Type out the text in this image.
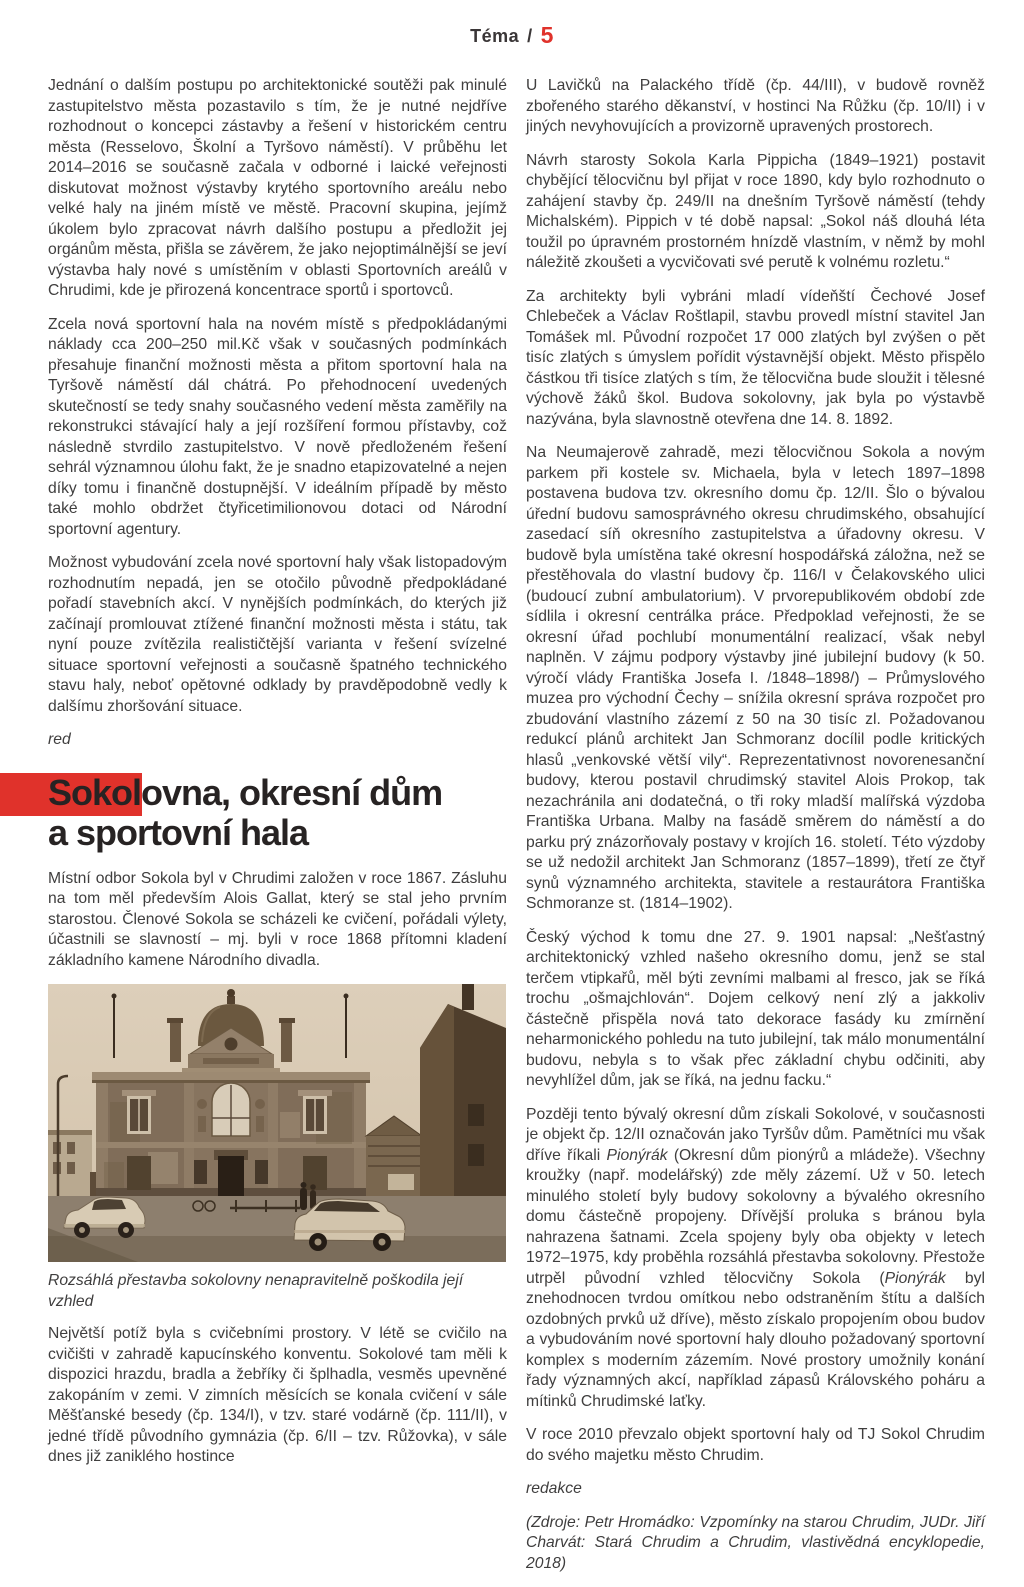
Téma / 5

Jednání o dalším postupu po architektonické soutěži pak minulé zastupitelstvo města pozastavilo s tím, že je nutné nejdříve rozhodnout o koncepci zástavby a řešení v historickém centru města (Resselovo, Školní a Tyršovo náměstí). V průběhu let 2014–2016 se současně začala v odborné i laické veřejnosti diskutovat možnost výstavby krytého sportovního areálu nebo velké haly na jiném místě ve městě. Pracovní skupina, jejímž úkolem bylo zpracovat návrh dalšího postupu a předložit jej orgánům města, přišla se závěrem, že jako nejoptimálnější se jeví výstavba haly nové s umístěním v oblasti Sportovních areálů v Chrudimi, kde je přirozená koncentrace sportů i sportovců.

Zcela nová sportovní hala na novém místě s předpokládanými náklady cca 200–250 mil.Kč však v současných podmínkách přesahuje finanční možnosti města a přitom sportovní hala na Tyršově náměstí dál chátrá. Po přehodnocení uvedených skutečností se tedy snahy současného vedení města zaměřily na rekonstrukci stávající haly a její rozšíření formou přístavby, což následně stvrdilo zastupitelstvo. V nově předloženém řešení sehrál významnou úlohu fakt, že je snadno etapizovatelné a nejen díky tomu i finančně dostupnější. V ideálním případě by město také mohlo obdržet čtyřicetimilionovou dotaci od Národní sportovní agentury.

Možnost vybudování zcela nové sportovní haly však listopadovým rozhodnutím nepadá, jen se otočilo původně předpokládané pořadí stavebních akcí. V nynějších podmínkách, do kterých již začínají promlouvat ztížené finanční možnosti města i státu, tak nyní pouze zvítězila realističtější varianta v řešení svízelné situace sportovní veřejnosti a současně špatného technického stavu haly, neboť opětovné odklady by pravděpodobně vedly k dalšímu zhoršování situace.

red

Sokolovna, okresní dům
a sportovní hala

Místní odbor Sokola byl v Chrudimi založen v roce 1867. Zásluhu na tom měl především Alois Gallat, který se stal jeho prvním starostou. Členové Sokola se scházeli ke cvičení, pořádali výlety, účastnili se slavností – mj. byli v roce 1868 přítomni kladení základního kamene Národního divadla.

Rozsáhlá přestavba sokolovny nenapravitelně poškodila její vzhled

Největší potíž byla s cvičebními prostory. V létě se cvičilo na cvičišti v zahradě kapucínského konventu. Sokolové tam měli k dispozici hrazdu, bradla a žebříky či šplhadla, vesměs upevněné zakopáním v zemi. V zimních měsících se konala cvičení v sále Měšťanské besedy (čp. 134/I), v tzv. staré vodárně (čp. 111/II), v jedné třídě původního gymnázia (čp. 6/II – tzv. Růžovka), v sále dnes již zaniklého hostince

U Lavičků na Palackého třídě (čp. 44/III), v budově rovněž zbořeného starého děkanství, v hostinci Na Růžku (čp. 10/II) i v jiných nevyhovujících a provizorně upravených prostorech.

Návrh starosty Sokola Karla Pippicha (1849–1921) postavit chybějící tělocvičnu byl přijat v roce 1890, kdy bylo rozhodnuto o zahájení stavby čp. 249/II na dnešním Tyršově náměstí (tehdy Michalském). Pippich v té době napsal: „Sokol náš dlouhá léta toužil po úpravném prostorném hnízdě vlastním, v němž by mohl náležitě zkoušeti a vycvičovati své perutě k volnému rozletu.“

Za architekty byli vybráni mladí vídeňští Čechové Josef Chlebeček a Václav Roštlapil, stavbu provedl místní stavitel Jan Tomášek ml. Původní rozpočet 17 000 zlatých byl zvýšen o pět tisíc zlatých s úmyslem pořídit výstavnější objekt. Město přispělo částkou tři tisíce zlatých s tím, že tělocvična bude sloužit i tělesné výchově žáků škol. Budova sokolovny, jak byla po výstavbě nazývána, byla slavnostně otevřena dne 14. 8. 1892.

Na Neumajerově zahradě, mezi tělocvičnou Sokola a novým parkem při kostele sv. Michaela, byla v letech 1897–1898 postavena budova tzv. okresního domu čp. 12/II. Šlo o bývalou úřední budovu samosprávného okresu chrudimského, obsahující zasedací síň okresního zastupitelstva a úřadovny okresu. V budově byla umístěna také okresní hospodářská záložna, než se přestěhovala do vlastní budovy čp. 116/I v Čelakovského ulici (budoucí zubní ambulatorium). V prvorepublikovém období zde sídlila i okresní centrálka práce. Předpoklad veřejnosti, že se okresní úřad pochlubí monumentální realizací, však nebyl naplněn. V zájmu podpory výstavby jiné jubilejní budovy (k 50. výročí vlády Františka Josefa I. /1848–1898/) – Průmyslového muzea pro východní Čechy – snížila okresní správa rozpočet pro zbudování vlastního zázemí z 50 na 30 tisíc zl. Požadovanou redukcí plánů architekt Jan Schmoranz docílil podle kritických hlasů „venkovské větší vily“. Reprezentativnost novorenesanční budovy, kterou postavil chrudimský stavitel Alois Prokop, tak nezachránila ani dodatečná, o tři roky mladší malířská výzdoba Františka Urbana. Malby na fasádě směrem do náměstí a do parku prý znázorňovaly postavy v krojích 16. století. Této výzdoby se už nedožil architekt Jan Schmoranz (1857–1899), třetí ze čtyř synů významného architekta, stavitele a restaurátora Františka Schmoranze st. (1814–1902).

Český východ k tomu dne 27. 9. 1901 napsal: „Nešťastný architektonický vzhled našeho okresního domu, jenž se stal terčem vtipkařů, měl býti zevními malbami al fresco, jak se říká trochu „ošmajchlován“. Dojem celkový není zlý a jakkoliv částečně přispěla nová tato dekorace fasády ku zmírnění neharmonického pohledu na tuto jubilejní, tak málo monumentální budovu, nebyla s to však přec základní chybu odčiniti, aby nevyhlížel dům, jak se říká, na jednu facku.“

Později tento bývalý okresní dům získali Sokolové, v současnosti je objekt čp. 12/II označován jako Tyršův dům. Pamětníci mu však dříve říkali Pionýrák (Okresní dům pionýrů a mládeže). Všechny kroužky (např. modelářský) zde měly zázemí. Už v 50. letech minulého století byly budovy sokolovny a bývalého okresního domu částečně propojeny. Dřívější proluka s bránou byla nahrazena šatnami. Zcela spojeny byly oba objekty v letech 1972–1975, kdy proběhla rozsáhlá přestavba sokolovny. Přestože utrpěl původní vzhled tělocvičny Sokola (Pionýrák byl znehodnocen tvrdou omítkou nebo odstraněním štítu a dalších ozdobných prvků už dříve), město získalo propojením obou budov a vybudováním nové sportovní haly dlouho požadovaný sportovní komplex s moderním zázemím. Nové prostory umožnily konání řady významných akcí, například zápasů Královského poháru a mítinků Chrudimské laťky.

V roce 2010 převzalo objekt sportovní haly od TJ Sokol Chrudim do svého majetku město Chrudim.

redakce

(Zdroje: Petr Hromádko: Vzpomínky na starou Chrudim, JUDr. Jiří Charvát: Stará Chrudim a Chrudim, vlastivědná encyklopedie, 2018)
